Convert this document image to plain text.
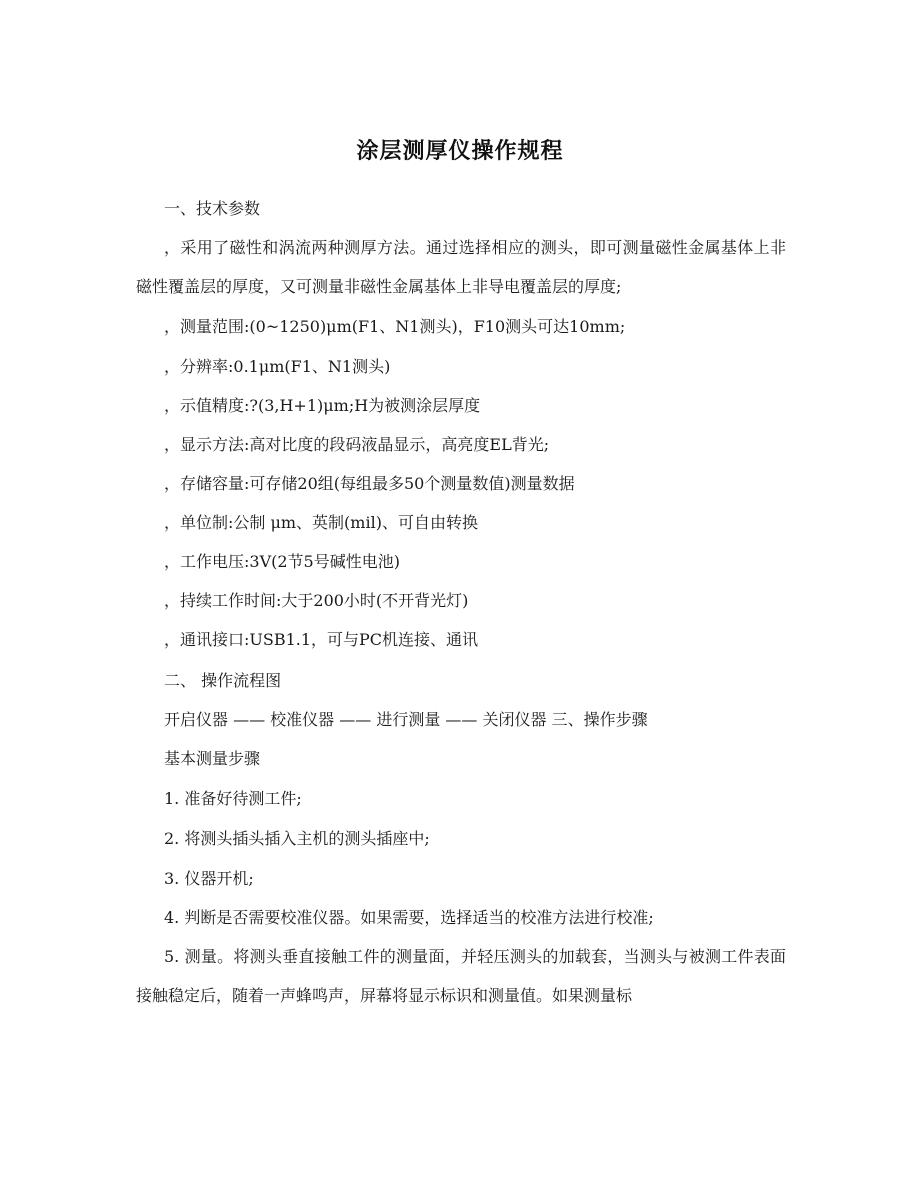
涂层测厚仪操作规程
一、技术参数
，采用了磁性和涡流两种测厚方法。通过选择相应的测头，即可测量磁性金属基体上非磁性覆盖层的厚度，又可测量非磁性金属基体上非导电覆盖层的厚度;
，测量范围:(0~1250)μm(F1、N1测头)，F10测头可达10mm;
，分辨率:0.1μm(F1、N1测头)
，示值精度:?(3,H+1)μm;H为被测涂层厚度
，显示方法:高对比度的段码液晶显示，高亮度EL背光;
，存储容量:可存储20组(每组最多50个测量数值)测量数据
，单位制:公制 μm、英制(mil)、可自由转换
，工作电压:3V(2节5号碱性电池)
，持续工作时间:大于200小时(不开背光灯)
，通讯接口:USB1.1，可与PC机连接、通讯
二、 操作流程图
开启仪器 —— 校准仪器 —— 进行测量 —— 关闭仪器 三、操作步骤
基本测量步骤
1. 准备好待测工件;
2. 将测头插头插入主机的测头插座中;
3. 仪器开机;
4. 判断是否需要校准仪器。如果需要，选择适当的校准方法进行校准;
5. 测量。将测头垂直接触工件的测量面，并轻压测头的加载套，当测头与被测工件表面接触稳定后，随着一声蜂鸣声，屏幕将显示标识和测量值。如果测量标
